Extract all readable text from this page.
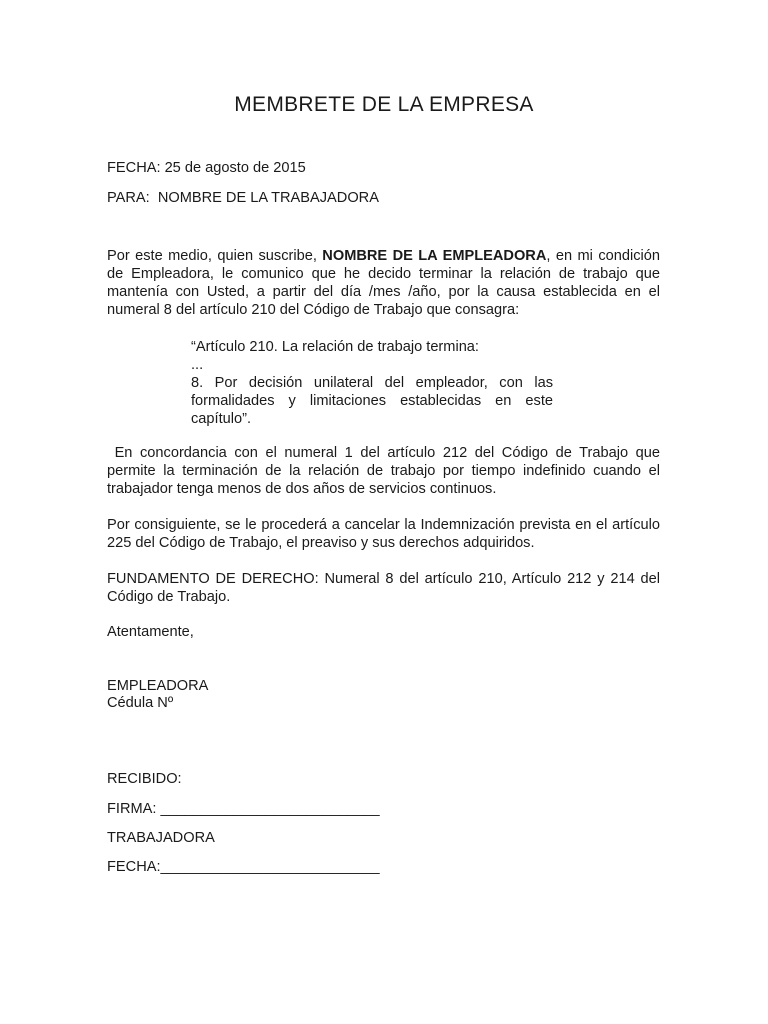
MEMBRETE DE LA EMPRESA
FECHA: 25 de agosto de 2015
PARA:  NOMBRE DE LA TRABAJADORA

Por este medio, quien suscribe, NOMBRE DE LA EMPLEADORA, en mi condición de Empleadora, le comunico que he decido terminar la relación de trabajo que mantenía con Usted, a partir del día /mes /año, por la causa establecida en el numeral 8 del artículo 210 del Código de Trabajo que consagra:

“Artículo 210. La relación de trabajo termina:
...
8. Por decisión unilateral del empleador, con las formalidades y limitaciones establecidas en este capítulo”.

En concordancia con el numeral 1 del artículo 212 del Código de Trabajo que permite la terminación de la relación de trabajo por tiempo indefinido cuando el trabajador tenga menos de dos años de servicios continuos.

Por consiguiente, se le procederá a cancelar la Indemnización prevista en el artículo 225 del Código de Trabajo, el preaviso y sus derechos adquiridos.

FUNDAMENTO DE DERECHO: Numeral 8 del artículo 210, Artículo 212 y 214 del Código de Trabajo.

Atentamente,
EMPLEADORA
Cédula Nº
RECIBIDO:
FIRMA: ___________________________
TRABAJADORA
FECHA:___________________________
